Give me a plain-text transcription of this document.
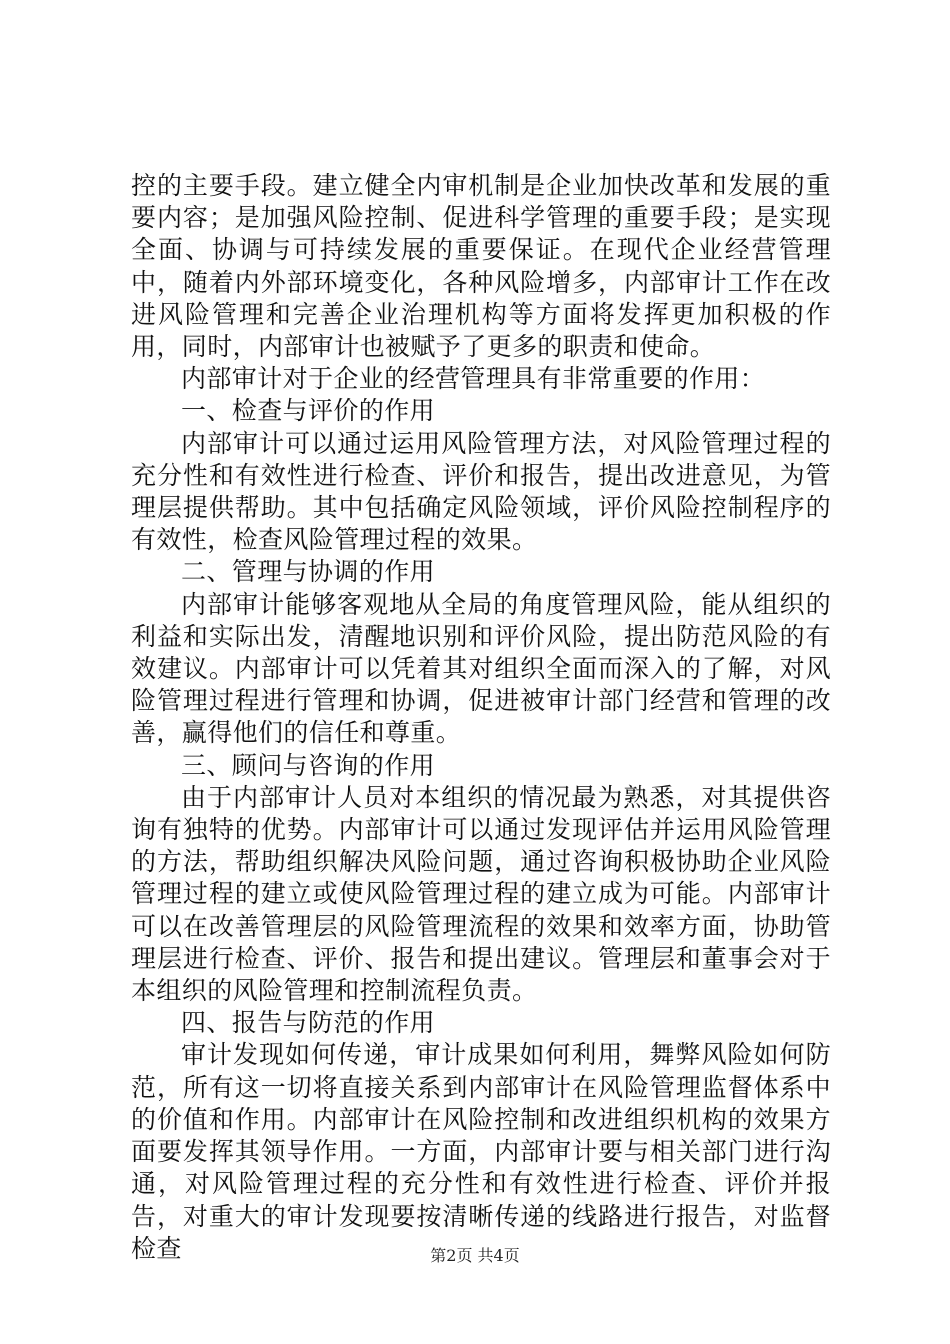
控的主要手段。建立健全内审机制是企业加快改革和发展的重要内容；是加强风险控制、促进科学管理的重要手段；是实现全面、协调与可持续发展的重要保证。在现代企业经营管理中，随着内外部环境变化，各种风险增多，内部审计工作在改进风险管理和完善企业治理机构等方面将发挥更加积极的作用，同时，内部审计也被赋予了更多的职责和使命。

内部审计对于企业的经营管理具有非常重要的作用：

一、检查与评价的作用

内部审计可以通过运用风险管理方法，对风险管理过程的充分性和有效性进行检查、评价和报告，提出改进意见，为管理层提供帮助。其中包括确定风险领域，评价风险控制程序的有效性，检查风险管理过程的效果。

二、管理与协调的作用

内部审计能够客观地从全局的角度管理风险，能从组织的利益和实际出发，清醒地识别和评价风险，提出防范风险的有效建议。内部审计可以凭着其对组织全面而深入的了解，对风险管理过程进行管理和协调，促进被审计部门经营和管理的改善，赢得他们的信任和尊重。

三、顾问与咨询的作用

由于内部审计人员对本组织的情况最为熟悉，对其提供咨询有独特的优势。内部审计可以通过发现评估并运用风险管理的方法，帮助组织解决风险问题，通过咨询积极协助企业风险管理过程的建立或使风险管理过程的建立成为可能。内部审计可以在改善管理层的风险管理流程的效果和效率方面，协助管理层进行检查、评价、报告和提出建议。管理层和董事会对于本组织的风险管理和控制流程负责。

四、报告与防范的作用

审计发现如何传递，审计成果如何利用，舞弊风险如何防范，所有这一切将直接关系到内部审计在风险管理监督体系中的价值和作用。内部审计在风险控制和改进组织机构的效果方面要发挥其领导作用。一方面，内部审计要与相关部门进行沟通，对风险管理过程的充分性和有效性进行检查、评价并报告，对重大的审计发现要按清晰传递的线路进行报告，对监督检查	第2页 共4页
